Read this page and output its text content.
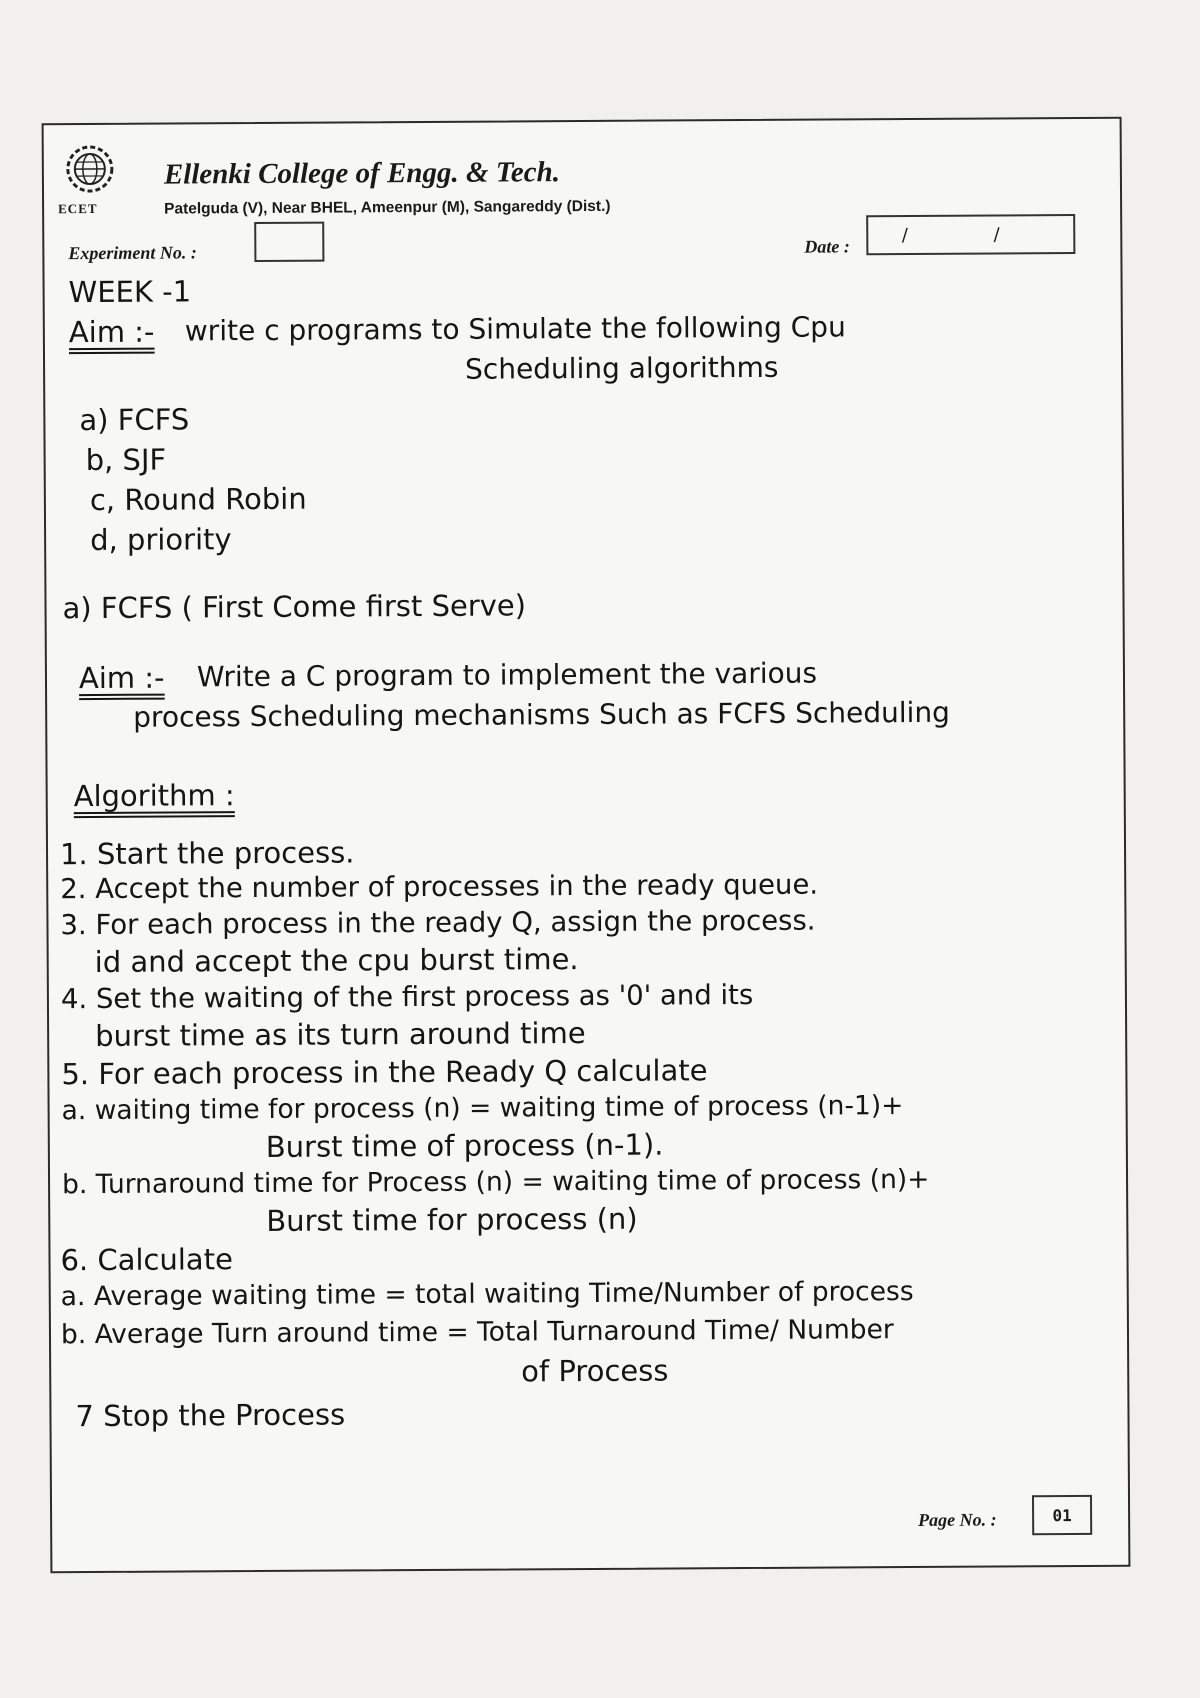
ECET
Ellenki College of Engg. & Tech.
Patelguda (V), Near BHEL, Ameenpur (M), Sangareddy (Dist.)
Experiment No. :	Date :
/ /
WEEK -1
Aim :- write c programs to Simulate the following Cpu
Scheduling algorithms
a) FCFS
b, SJF
c, Round Robin
d, priority
a) FCFS ( First Come first Serve)
Aim :- Write a C program to implement the various
process Scheduling mechanisms Such as FCFS Scheduling
Algorithm :
1. Start the process.
2. Accept the number of processes in the ready queue.
3. For each process in the ready Q, assign the process.
id and accept the cpu burst time.
4. Set the waiting of the first process as '0' and its
burst time as its turn around time
5. For each process in the Ready Q calculate
a. waiting time for process (n) = waiting time of process (n-1)+
Burst time of process (n-1).
b. Turnaround time for Process (n) = waiting time of process (n)+
Burst time for process (n)
6. Calculate
a. Average waiting time = total waiting Time/Number of process
b. Average Turn around time = Total Turnaround Time/ Number
of Process
7 Stop the Process
Page No. :	01
